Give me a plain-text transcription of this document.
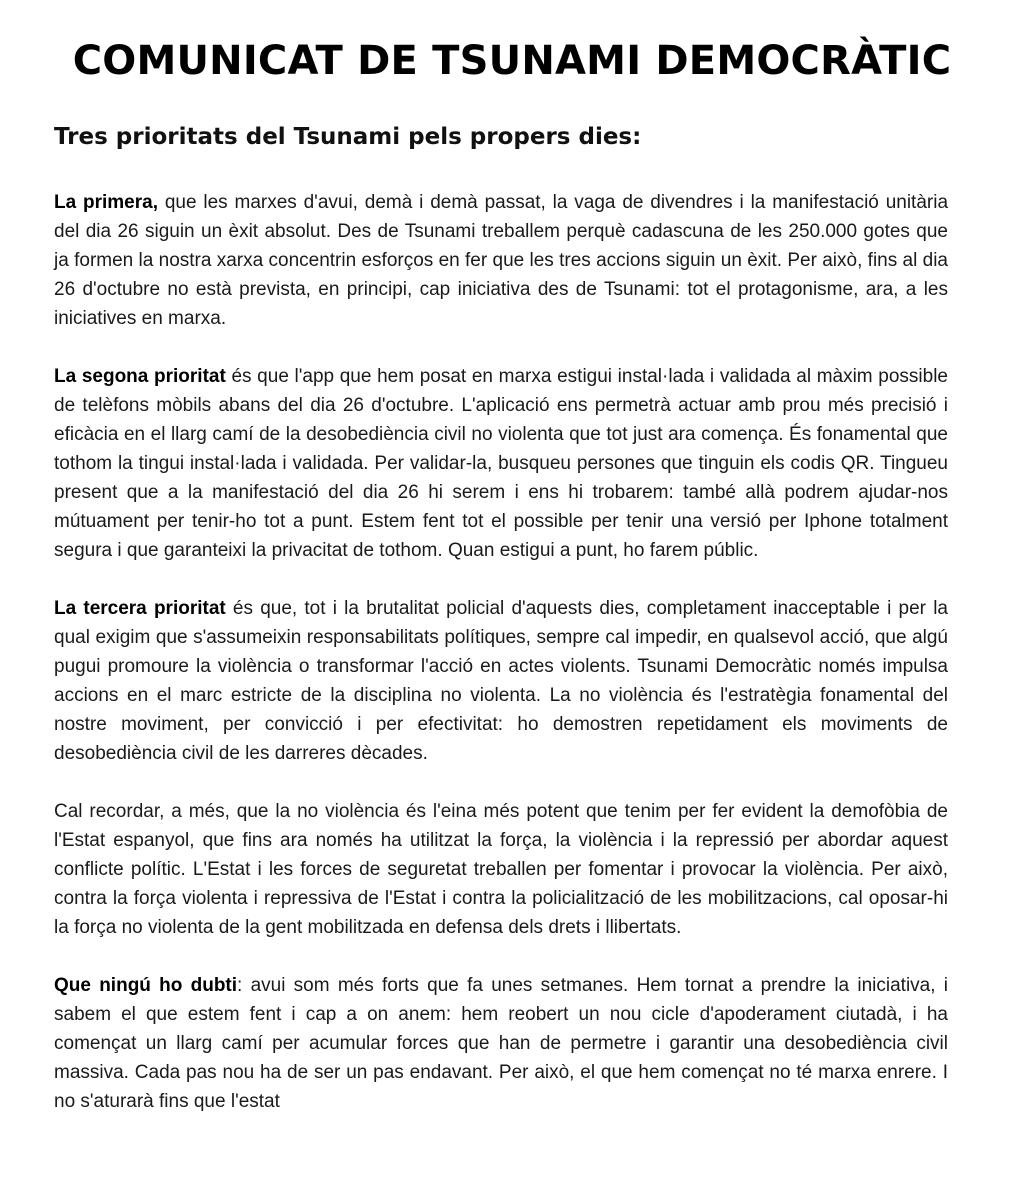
COMUNICAT DE TSUNAMI DEMOCRÀTIC
Tres prioritats del Tsunami pels propers dies:

La primera, que les marxes d'avui, demà i demà passat, la vaga de divendres i la manifestació unitària del dia 26 siguin un èxit absolut. Des de Tsunami treballem perquè cadascuna de les 250.000 gotes que ja formen la nostra xarxa concentrin esforços en fer que les tres accions siguin un èxit. Per això, fins al dia 26 d'octubre no està prevista, en principi, cap iniciativa des de Tsunami: tot el protagonisme, ara, a les iniciatives en marxa.

La segona prioritat és que l'app que hem posat en marxa estigui instal·lada i validada al màxim possible de telèfons mòbils abans del dia 26 d'octubre. L'aplicació ens permetrà actuar amb prou més precisió i eficàcia en el llarg camí de la desobediència civil no violenta que tot just ara comença. És fonamental que tothom la tingui instal·lada i validada. Per validar-la, busqueu persones que tinguin els codis QR. Tingueu present que a la manifestació del dia 26 hi serem i ens hi trobarem: també allà podrem ajudar-nos mútuament per tenir-ho tot a punt. Estem fent tot el possible per tenir una versió per Iphone totalment segura i que garanteixi la privacitat de tothom. Quan estigui a punt, ho farem públic.

La tercera prioritat és que, tot i la brutalitat policial d'aquests dies, completament inacceptable i per la qual exigim que s'assumeixin responsabilitats polítiques, sempre cal impedir, en qualsevol acció, que algú pugui promoure la violència o transformar l'acció en actes violents. Tsunami Democràtic només impulsa accions en el marc estricte de la disciplina no violenta. La no violència és l'estratègia fonamental del nostre moviment, per convicció i per efectivitat: ho demostren repetidament els moviments de desobediència civil de les darreres dècades.

Cal recordar, a més, que la no violència és l'eina més potent que tenim per fer evident la demofòbia de l'Estat espanyol, que fins ara només ha utilitzat la força, la violència i la repressió per abordar aquest conflicte polític. L'Estat i les forces de seguretat treballen per fomentar i provocar la violència. Per això, contra la força violenta i repressiva de l'Estat i contra la policialització de les mobilitzacions, cal oposar-hi la força no violenta de la gent mobilitzada en defensa dels drets i llibertats.

Que ningú ho dubti: avui som més forts que fa unes setmanes. Hem tornat a prendre la iniciativa, i sabem el que estem fent i cap a on anem: hem reobert un nou cicle d'apoderament ciutadà, i ha començat un llarg camí per acumular forces que han de permetre i garantir una desobediència civil massiva. Cada pas nou ha de ser un pas endavant. Per això, el que hem començat no té marxa enrere. I no s'aturarà fins que l'estat
